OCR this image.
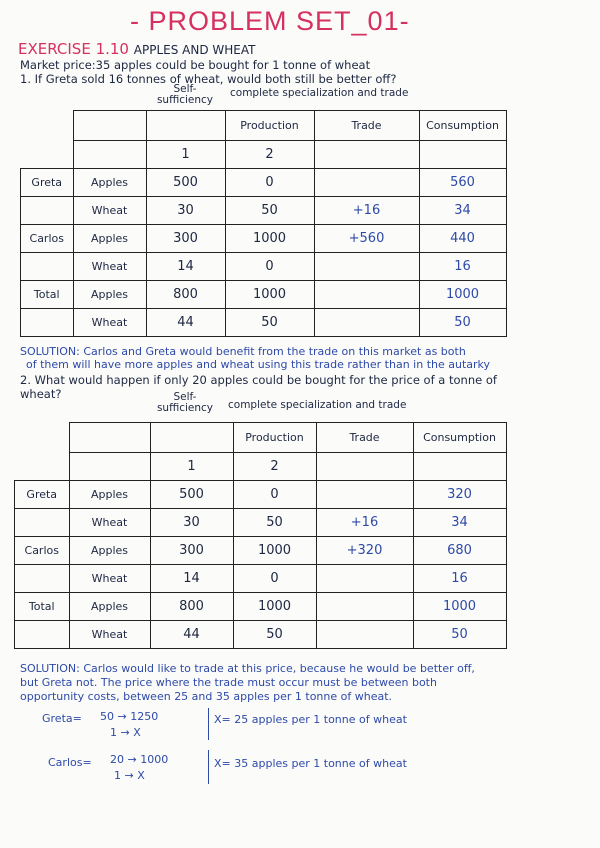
- PROBLEM SET_01-
EXERCISE 1.10 APPLES AND WHEAT
Market price:35 apples could be bought for 1 tonne of wheat
1. If Greta sold 16 tonnes of wheat, would both still be better off?
Self-sufficiency
complete specialization and trade
			Production	Trade	Consumption
		1	2		
Greta	Apples	500	0		560
	Wheat	30	50	+16	34
Carlos	Apples	300	1000	+560	440
	Wheat	14	0		16
Total	Apples	800	1000		1000
	Wheat	44	50		50
SOLUTION: Carlos and Greta would benefit from the trade on this market as both
of them will have more apples and wheat using this trade rather than in the autarky
2. What would happen if only 20 apples could be bought for the price of a tonne of
wheat?	Self-sufficiency	complete specialization and trade
			Production	Trade	Consumption
		1	2		
Greta	Apples	500	0		320
	Wheat	30	50	+16	34
Carlos	Apples	300	1000	+320	680
	Wheat	14	0		16
Total	Apples	800	1000		1000
	Wheat	44	50		50
SOLUTION: Carlos would like to trade at this price, because he would be better off,
but Greta not. The price where the trade must occur must be between both
opportunity costs, between 25 and 35 apples per 1 tonne of wheat.
Greta= 50 → 1250
1 → X
X= 25 apples per 1 tonne of wheat
Carlos= 20 → 1000
1 → X
X= 35 apples per 1 tonne of wheat
